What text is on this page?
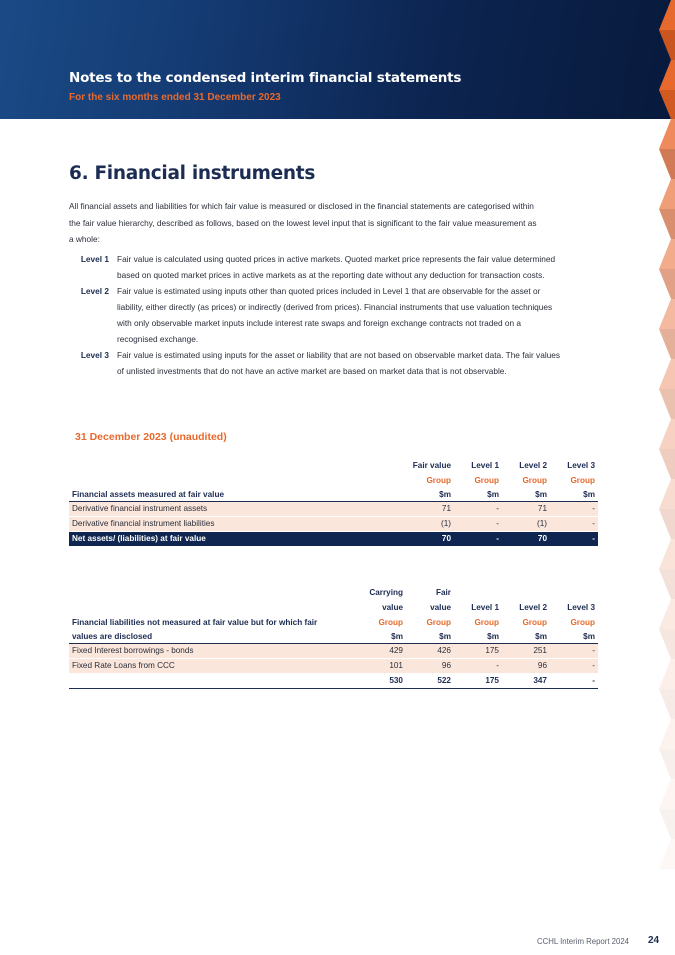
Notes to the condensed interim financial statements
For the six months ended 31 December 2023
6. Financial instruments
All financial assets and liabilities for which fair value is measured or disclosed in the financial statements are categorised within the fair value hierarchy, described as follows, based on the lowest level input that is significant to the fair value measurement as a whole:
Level 1 Fair value is calculated using quoted prices in active markets. Quoted market price represents the fair value determined based on quoted market prices in active markets as at the reporting date without any deduction for transaction costs.
Level 2 Fair value is estimated using inputs other than quoted prices included in Level 1 that are observable for the asset or liability, either directly (as prices) or indirectly (derived from prices). Financial instruments that use valuation techniques with only observable market inputs include interest rate swaps and foreign exchange contracts not traded on a recognised exchange.
Level 3 Fair value is estimated using inputs for the asset or liability that are not based on observable market data. The fair values of unlisted investments that do not have an active market are based on market data that is not observable.
31 December 2023 (unaudited)
	Fair value	Level 1	Level 2	Level 3
	Group	Group	Group	Group
Financial assets measured at fair value	$m	$m	$m	$m
Derivative financial instrument assets	71	-	71	-
Derivative financial instrument liabilities	(1)	-	(1)	-
Net assets/ (liabilities) at fair value	70	-	70	-
	Carrying	Fair			
	value	value	Level 1	Level 2	Level 3
Financial liabilities not measured at fair value but for which fair	Group	Group	Group	Group	Group
values are disclosed	$m	$m	$m	$m	$m
Fixed Interest borrowings - bonds	429	426	175	251	-
Fixed Rate Loans from CCC	101	96	-	96	-
	530	522	175	347	-
CCHL Interim Report 2024 24
